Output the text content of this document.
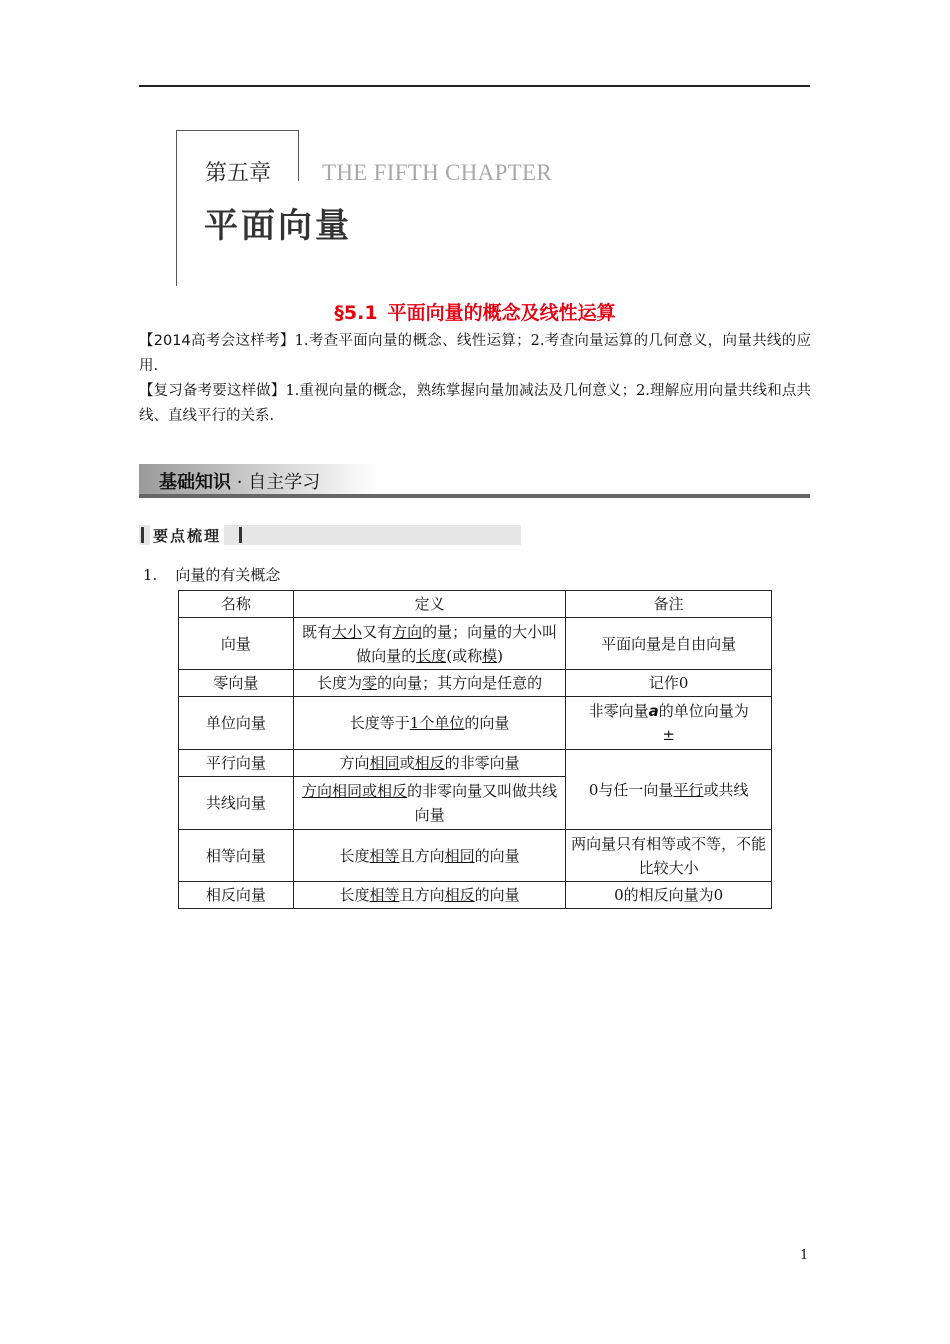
第五章 THE FIFTH CHAPTER
平面向量
§5.1 平面向量的概念及线性运算
【2014高考会这样考】1.考查平面向量的概念、线性运算；2.考查向量运算的几何意义，向量共线的应用.
【复习备考要这样做】1.重视向量的概念，熟练掌握向量加减法及几何意义；2.理解应用向量共线和点共线、直线平行的关系.
基础知识 · 自主学习
要点梳理
1. 向量的有关概念
名称	定义	备注
向量	既有大小又有方向的量；向量的大小叫做向量的长度(或称模)	平面向量是自由向量
零向量	长度为零的向量；其方向是任意的	记作0
单位向量	长度等于1个单位的向量	非零向量a的单位向量为
±
平行向量	方向相同或相反的非零向量	0与任一向量平行或共线
共线向量	方向相同或相反的非零向量又叫做共线向量	
相等向量	长度相等且方向相同的向量	两向量只有相等或不等，不能比较大小
相反向量	长度相等且方向相反的向量	0的相反向量为0
1
